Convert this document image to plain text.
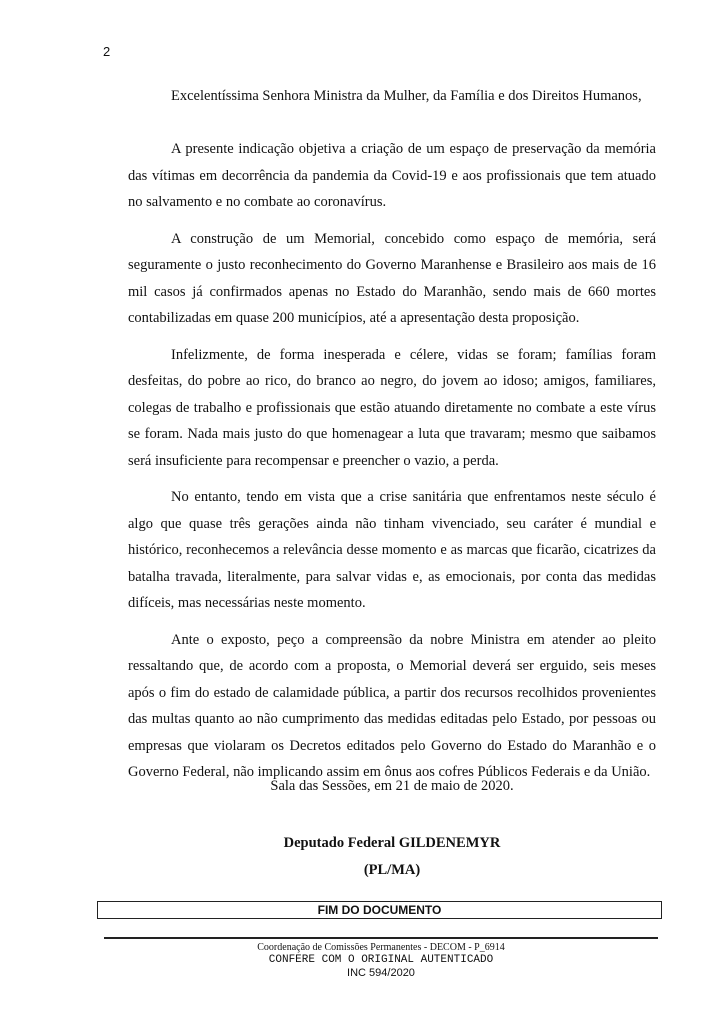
2
Excelentíssima Senhora Ministra da Mulher, da Família e dos Direitos Humanos,

A presente indicação objetiva a criação de um espaço de preservação da memória das vítimas em decorrência da pandemia da Covid-19 e aos profissionais que tem atuado no salvamento e no combate ao coronavírus.

A construção de um Memorial, concebido como espaço de memória, será seguramente o justo reconhecimento do Governo Maranhense e Brasileiro aos mais de 16 mil casos já confirmados apenas no Estado do Maranhão, sendo mais de 660 mortes contabilizadas em quase 200 municípios, até a apresentação desta proposição.

Infelizmente, de forma inesperada e célere, vidas se foram; famílias foram desfeitas, do pobre ao rico, do branco ao negro, do jovem ao idoso; amigos, familiares, colegas de trabalho e profissionais que estão atuando diretamente no combate a este vírus se foram. Nada mais justo do que homenagear a luta que travaram; mesmo que saibamos será insuficiente para recompensar e preencher o vazio, a perda.

No entanto, tendo em vista que a crise sanitária que enfrentamos neste século é algo que quase três gerações ainda não tinham vivenciado, seu caráter é mundial e histórico, reconhecemos a relevância desse momento e as marcas que ficarão, cicatrizes da batalha travada, literalmente, para salvar vidas e, as emocionais, por conta das medidas difíceis, mas necessárias neste momento.

Ante o exposto, peço a compreensão da nobre Ministra em atender ao pleito ressaltando que, de acordo com a proposta, o Memorial deverá ser erguido, seis meses após o fim do estado de calamidade pública, a partir dos recursos recolhidos provenientes das multas quanto ao não cumprimento das medidas editadas pelo Estado, por pessoas ou empresas que violaram os Decretos editados pelo Governo do Estado do Maranhão e o Governo Federal, não implicando assim em ônus aos cofres Públicos Federais e da União.

Sala das Sessões, em 21 de maio de 2020.
Deputado Federal GILDENEMYR
(PL/MA)
FIM DO DOCUMENTO
Coordenação de Comissões Permanentes - DECOM - P_6914
CONFERE COM O ORIGINAL AUTENTICADO
INC 594/2020
